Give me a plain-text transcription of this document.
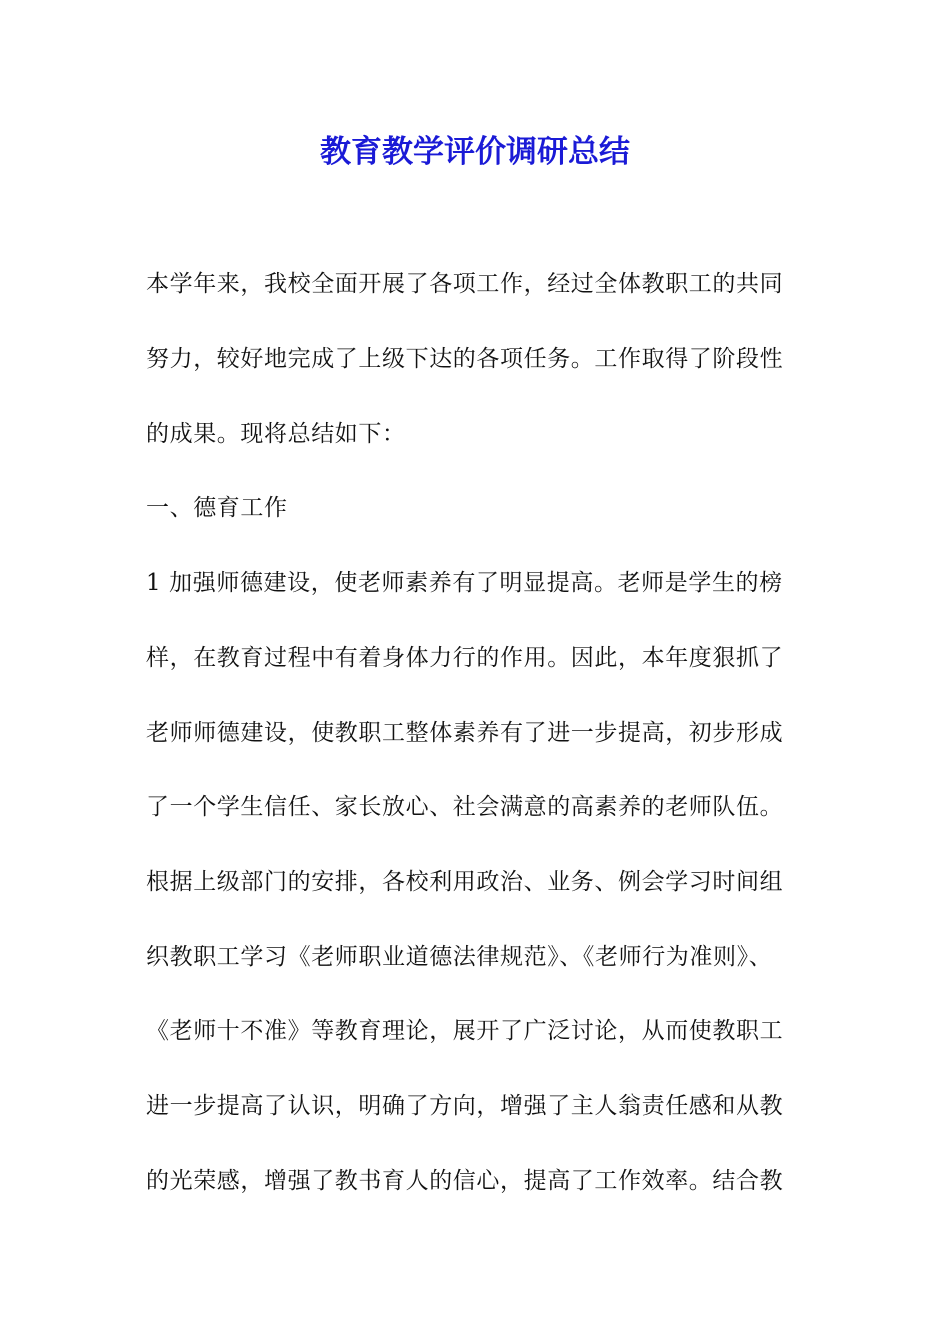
教育教学评价调研总结

本学年来，我校全面开展了各项工作，经过全体教职工的共同

努力，较好地完成了上级下达的各项任务。工作取得了阶段性

的成果。现将总结如下：

一、德育工作

1 加强师德建设，使老师素养有了明显提高。老师是学生的榜

样，在教育过程中有着身体力行的作用。因此，本年度狠抓了

老师师德建设，使教职工整体素养有了进一步提高，初步形成

了一个学生信任、家长放心、社会满意的高素养的老师队伍。

根据上级部门的安排，各校利用政治、业务、例会学习时间组

织教职工学习《老师职业道德法律规范》、《老师行为准则》、

《老师十不准》等教育理论，展开了广泛讨论，从而使教职工

进一步提高了认识，明确了方向，增强了主人翁责任感和从教

的光荣感，增强了教书育人的信心，提高了工作效率。结合教
